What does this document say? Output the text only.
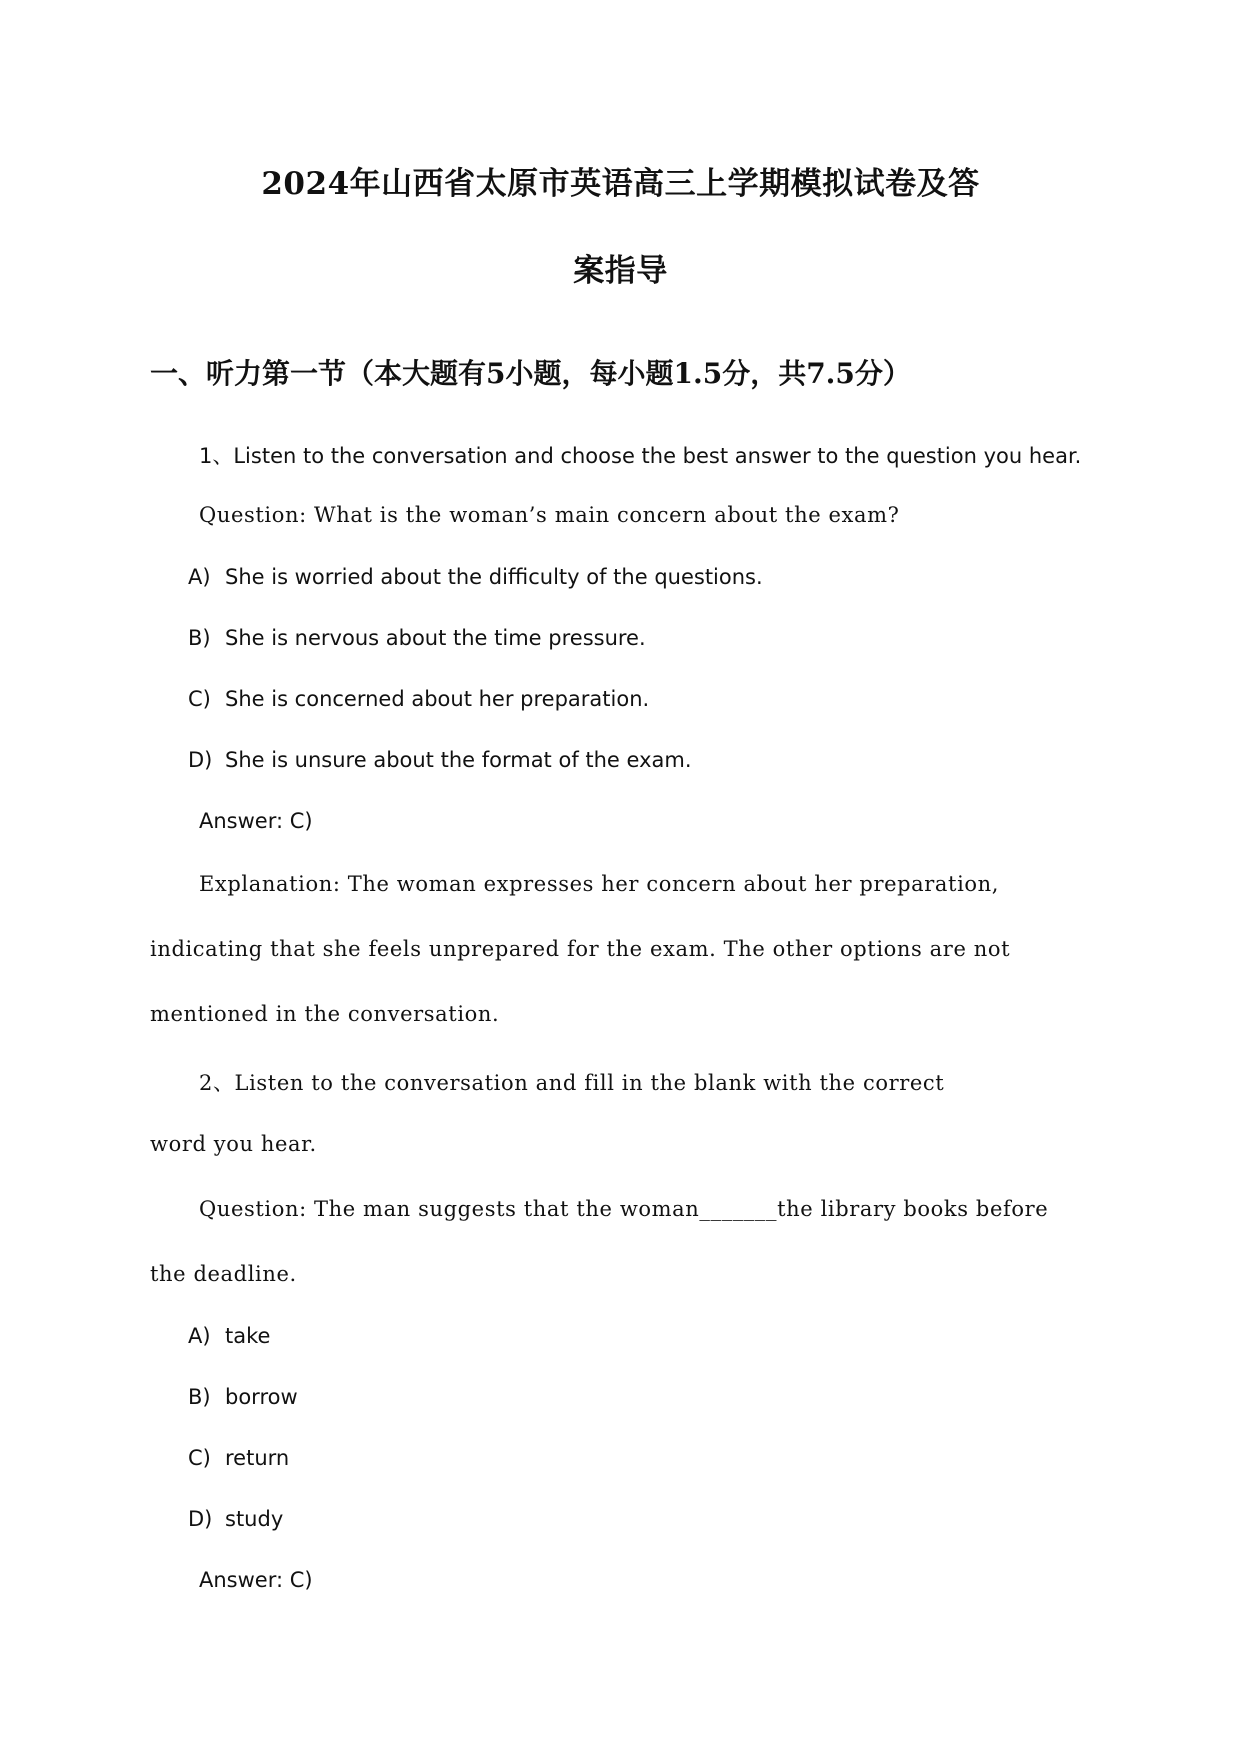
2024年山西省太原市英语高三上学期模拟试卷及答
案指导
一、听力第一节（本大题有5小题，每小题1.5分，共7.5分）
1、Listen to the conversation and choose the best answer to the question you hear.
Question: What is the woman’s main concern about the exam?
A) She is worried about the difficulty of the questions.
B) She is nervous about the time pressure.
C) She is concerned about her preparation.
D) She is unsure about the format of the exam.
Answer: C)
Explanation: The woman expresses her concern about her preparation,
indicating that she feels unprepared for the exam. The other options are not
mentioned in the conversation.
2、Listen to the conversation and fill in the blank with the correct
word you hear.
Question: The man suggests that the woman_______the library books before
the deadline.
A) take
B) borrow
C) return
D) study
Answer: C)
